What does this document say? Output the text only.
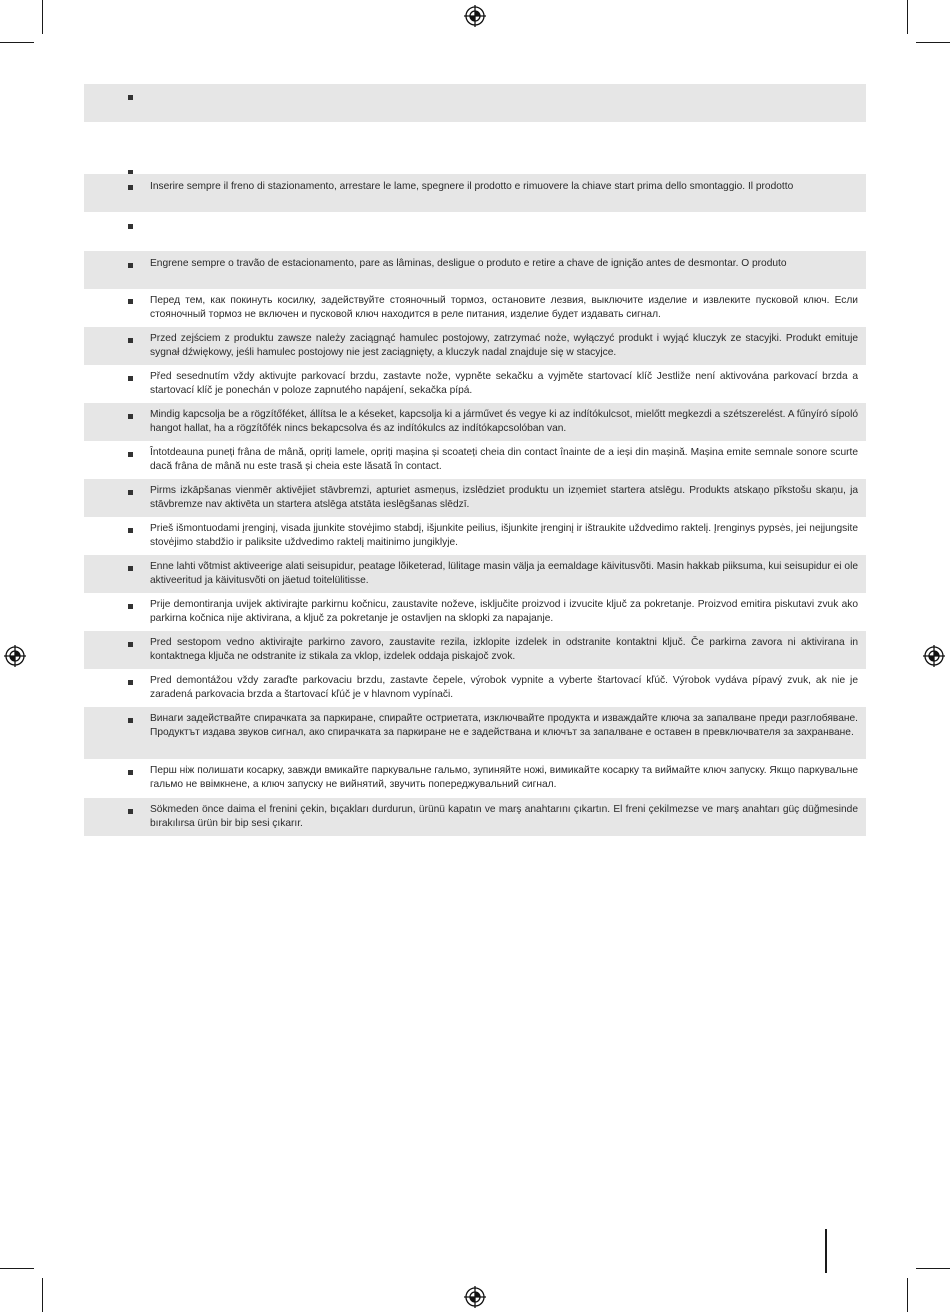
Inserire sempre il freno di stazionamento, arrestare le lame, spegnere il prodotto e rimuovere la chiave start prima dello smontaggio. Il prodotto
Engrene sempre o travão de estacionamento, pare as lâminas, desligue o produto e retire a chave de ignição antes de desmontar. O produto
Перед тем, как покинуть косилку, задействуйте стояночный тормоз, остановите лезвия, выключите изделие и извлеките пусковой ключ. Если стояночный тормоз не включен и пусковой ключ находится в реле питания, изделие будет издавать сигнал.
Przed zejściem z produktu zawsze należy zaciągnąć hamulec postojowy, zatrzymać noże, wyłączyć produkt i wyjąć kluczyk ze stacyjki. Produkt emituje sygnał dźwiękowy, jeśli hamulec postojowy nie jest zaciągnięty, a kluczyk nadal znajduje się w stacyjce.
Před sesednutím vždy aktivujte parkovací brzdu, zastavte nože, vypněte sekačku a vyjměte startovací klíč Jestliže není aktivována parkovací brzda a startovací klíč je ponechán v poloze zapnutého napájení, sekačka pípá.
Mindig kapcsolja be a rögzítőféket, állítsa le a késeket, kapcsolja ki a járművet és vegye ki az indítókulcsot, mielőtt megkezdi a szétszerelést. A fűnyíró sípoló hangot hallat, ha a rögzítőfék nincs bekapcsolva és az indítókulcs az indítókapcsolóban van.
Întotdeauna puneți frâna de mână, opriți lamele, opriți mașina și scoateți cheia din contact înainte de a ieși din mașină. Mașina emite semnale sonore scurte dacă frâna de mână nu este trasă și cheia este lăsată în contact.
Pirms izkāpšanas vienmēr aktivējiet stāvbremzi, apturiet asmeņus, izslēdziet produktu un izņemiet startera atslēgu. Produkts atskaņo pīkstošu skaņu, ja stāvbremze nav aktivēta un startera atslēga atstāta ieslēgšanas slēdzī.
Prieš išmontuodami įrenginį, visada įjunkite stovėjimo stabdį, išjunkite peilius, išjunkite įrenginį ir ištraukite uždvedimo raktelį. Įrenginys pypsės, jei neįjungsite stovėjimo stabdžio ir paliksite uždvedimo raktelį maitinimo jungiklyje.
Enne lahti võtmist aktiveerige alati seisupidur, peatage lõiketerad, lülitage masin välja ja eemaldage käivitusvõti. Masin hakkab piiksuma, kui seisupidur ei ole aktiveeritud ja käivitusvõti on jäetud toitelülitisse.
Prije demontiranja uvijek aktivirajte parkirnu kočnicu, zaustavite noževe, isključite proizvod i izvucite ključ za pokretanje. Proizvod emitira piskutavi zvuk ako parkirna kočnica nije aktivirana, a ključ za pokretanje je ostavljen na sklopki za napajanje.
Pred sestopom vedno aktivirajte parkirno zavoro, zaustavite rezila, izklopite izdelek in odstranite kontaktni ključ. Če parkirna zavora ni aktivirana in kontaktnega ključa ne odstranite iz stikala za vklop, izdelek oddaja piskajoč zvok.
Pred demontážou vždy zaraďte parkovaciu brzdu, zastavte čepele, výrobok vypnite a vyberte štartovací kľúč. Výrobok vydáva pípavý zvuk, ak nie je zaradená parkovacia brzda a štartovací kľúč je v hlavnom vypínači.
Винаги задействайте спирачката за паркиране, спирайте остриетата, изключвайте продукта и изваждайте ключа за запалване преди разглобяване. Продуктът издава звуков сигнал, ако спирачката за паркиране не е задействана и ключът за запалване е оставен в превключвателя за захранване.
Перш ніж полишати косарку, завжди вмикайте паркувальне гальмо, зупиняйте ножі, вимикайте косарку та виймайте ключ запуску. Якщо паркувальне гальмо не ввімкнене, а ключ запуску не вийнятий, звучить попереджувальний сигнал.
Sökmeden önce daima el frenini çekin, bıçakları durdurun, ürünü kapatın ve marş anahtarını çıkartın. El freni çekilmezse ve marş anahtarı güç düğmesinde bırakılırsa ürün bir bip sesi çıkarır.
